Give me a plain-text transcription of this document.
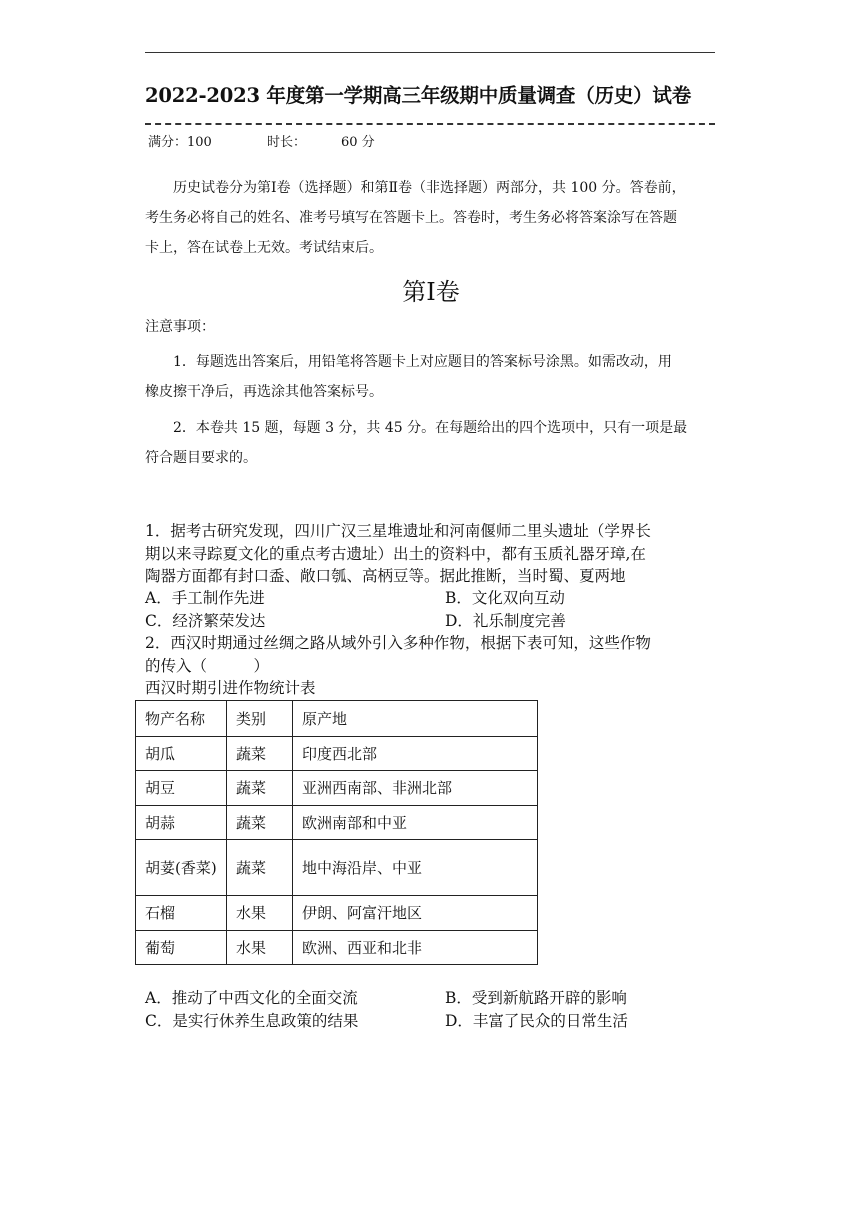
2022-2023 年度第一学期高三年级期中质量调查（历史）试卷
满分：100	时长：	60 分
历史试卷分为第Ⅰ卷（选择题）和第Ⅱ卷（非选择题）两部分，共 100 分。答卷前，
考生务必将自己的姓名、准考号填写在答题卡上。答卷时，考生务必将答案涂写在答题
卡上，答在试卷上无效。考试结束后。
第Ⅰ卷
注意事项：
1．每题选出答案后，用铅笔将答题卡上对应题目的答案标号涂黑。如需改动，用
橡皮擦干净后，再选涂其他答案标号。
2．本卷共 15 题，每题 3 分，共 45 分。在每题给出的四个选项中，只有一项是最
符合题目要求的。
1．据考古研究发现，四川广汉三星堆遗址和河南偃师二里头遗址（学界长
期以来寻踪夏文化的重点考古遗址）出土的资料中，都有玉质礼器牙璋,在
陶器方面都有封口盉、敞口瓠、高柄豆等。据此推断，当时蜀、夏两地
A．手工制作先进	B．文化双向互动
C．经济繁荣发达	D．礼乐制度完善
2．西汉时期通过丝绸之路从域外引入多种作物，根据下表可知，这些作物
的传入（　　　）
西汉时期引进作物统计表
物产名称	类别	原产地
胡瓜	蔬菜	印度西北部
胡豆	蔬菜	亚洲西南部、非洲北部
胡蒜	蔬菜	欧洲南部和中亚
胡荽(香菜)	蔬菜	地中海沿岸、中亚
石榴	水果	伊朗、阿富汗地区
葡萄	水果	欧洲、西亚和北非
A．推动了中西文化的全面交流	B．受到新航路开辟的影响
C．是实行休养生息政策的结果	D．丰富了民众的日常生活
